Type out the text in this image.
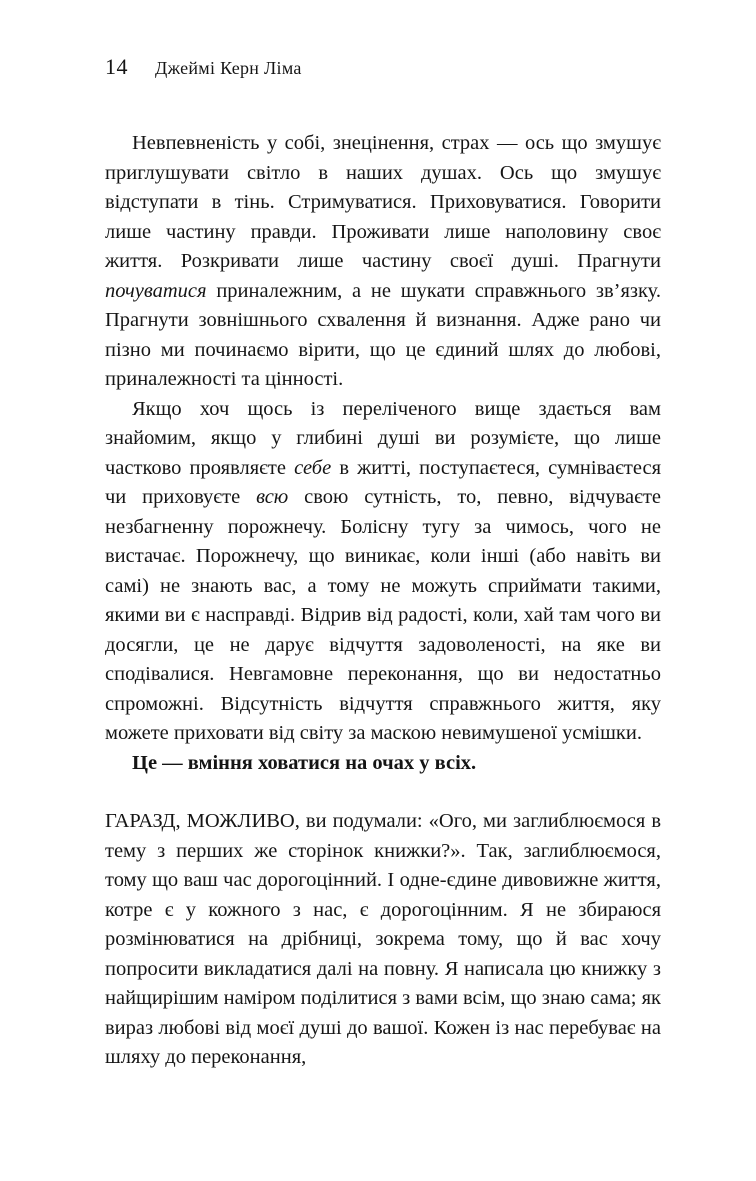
14 Джеймі Керн Ліма

Невпевненість у собі, знецінення, страх — ось що змушує приглушувати світло в наших душах. Ось що змушує відступати в тінь. Стримуватися. Приховуватися. Говорити лише частину правди. Проживати лише наполовину своє життя. Розкривати лише частину своєї душі. Прагнути почуватися приналежним, а не шукати справжнього зв’язку. Прагнути зовнішнього схвалення й визнання. Адже рано чи пізно ми починаємо вірити, що це єдиний шлях до любові, приналежності та цінності.

Якщо хоч щось із переліченого вище здається вам знайомим, якщо у глибині душі ви розумієте, що лише частково проявляєте себе в житті, поступаєтеся, сумніваєтеся чи приховуєте всю свою сутність, то, певно, відчуваєте незбагненну порожнечу. Болісну тугу за чимось, чого не вистачає. Порожнечу, що виникає, коли інші (або навіть ви самі) не знають вас, а тому не можуть сприймати такими, якими ви є насправді. Відрив від радості, коли, хай там чого ви досягли, це не дарує відчуття задоволеності, на яке ви сподівалися. Невгамовне переконання, що ви недостатньо спроможні. Відсутність відчуття справжнього життя, яку можете приховати від світу за маскою невимушеної усмішки.

Це — вміння ховатися на очах у всіх.

ГАРАЗД, МОЖЛИВО, ви подумали: «Ого, ми заглиблюємося в тему з перших же сторінок книжки?». Так, заглиблюємося, тому що ваш час дорогоцінний. І одне-єдине дивовижне життя, котре є у кожного з нас, є дорогоцінним. Я не збираюся розмінюватися на дрібниці, зокрема тому, що й вас хочу попросити викладатися далі на повну. Я написала цю книжку з найщирішим наміром поділитися з вами всім, що знаю сама; як вираз любові від моєї душі до вашої. Кожен із нас перебуває на шляху до переконання,
